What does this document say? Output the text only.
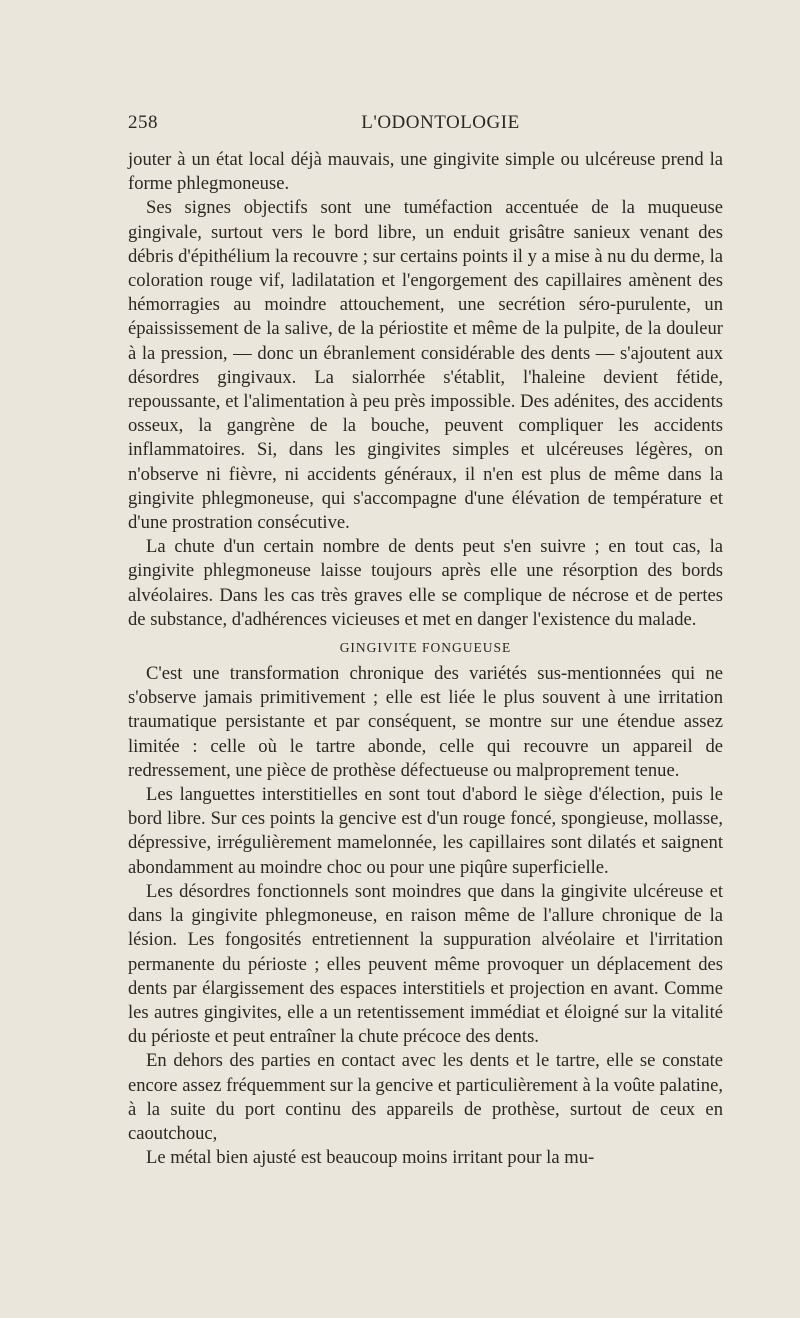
258	L'ODONTOLOGIE

jouter à un état local déjà mauvais, une gingivite simple ou ulcéreuse prend la forme phlegmoneuse.

Ses signes objectifs sont une tuméfaction accentuée de la muqueuse gingivale, surtout vers le bord libre, un enduit grisâtre sanieux venant des débris d'épithélium la recouvre ; sur certains points il y a mise à nu du derme, la coloration rouge vif, ladilatation et l'engorgement des capillaires amènent des hémorragies au moindre attouchement, une secrétion séro-purulente, un épaississement de la salive, de la périostite et même de la pulpite, de la douleur à la pression, — donc un ébranlement considérable des dents — s'ajoutent aux désordres gingivaux. La sialorrhée s'établit, l'haleine devient fétide, repoussante, et l'alimentation à peu près impossible. Des adénites, des accidents osseux, la gangrène de la bouche, peuvent compliquer les accidents inflammatoires. Si, dans les gingivites simples et ulcéreuses légères, on n'observe ni fièvre, ni accidents généraux, il n'en est plus de même dans la gingivite phlegmoneuse, qui s'accompagne d'une élévation de température et d'une prostration consécutive.

La chute d'un certain nombre de dents peut s'en suivre ; en tout cas, la gingivite phlegmoneuse laisse toujours après elle une résorption des bords alvéolaires. Dans les cas très graves elle se complique de nécrose et de pertes de substance, d'adhérences vicieuses et met en danger l'existence du malade.

GINGIVITE FONGUEUSE

C'est une transformation chronique des variétés sus-mentionnées qui ne s'observe jamais primitivement ; elle est liée le plus souvent à une irritation traumatique persistante et par conséquent, se montre sur une étendue assez limitée : celle où le tartre abonde, celle qui recouvre un appareil de redressement, une pièce de prothèse défectueuse ou malproprement tenue.

Les languettes interstitielles en sont tout d'abord le siège d'élection, puis le bord libre. Sur ces points la gencive est d'un rouge foncé, spongieuse, mollasse, dépressive, irrégulièrement mamelonnée, les capillaires sont dilatés et saignent abondamment au moindre choc ou pour une piqûre superficielle.

Les désordres fonctionnels sont moindres que dans la gingivite ulcéreuse et dans la gingivite phlegmoneuse, en raison même de l'allure chronique de la lésion. Les fongosités entretiennent la suppuration alvéolaire et l'irritation permanente du périoste ; elles peuvent même provoquer un déplacement des dents par élargissement des espaces interstitiels et projection en avant. Comme les autres gingivites, elle a un retentissement immédiat et éloigné sur la vitalité du périoste et peut entraîner la chute précoce des dents.

En dehors des parties en contact avec les dents et le tartre, elle se constate encore assez fréquemment sur la gencive et particulièrement à la voûte palatine, à la suite du port continu des appareils de prothèse, surtout de ceux en caoutchouc,

Le métal bien ajusté est beaucoup moins irritant pour la mu-
